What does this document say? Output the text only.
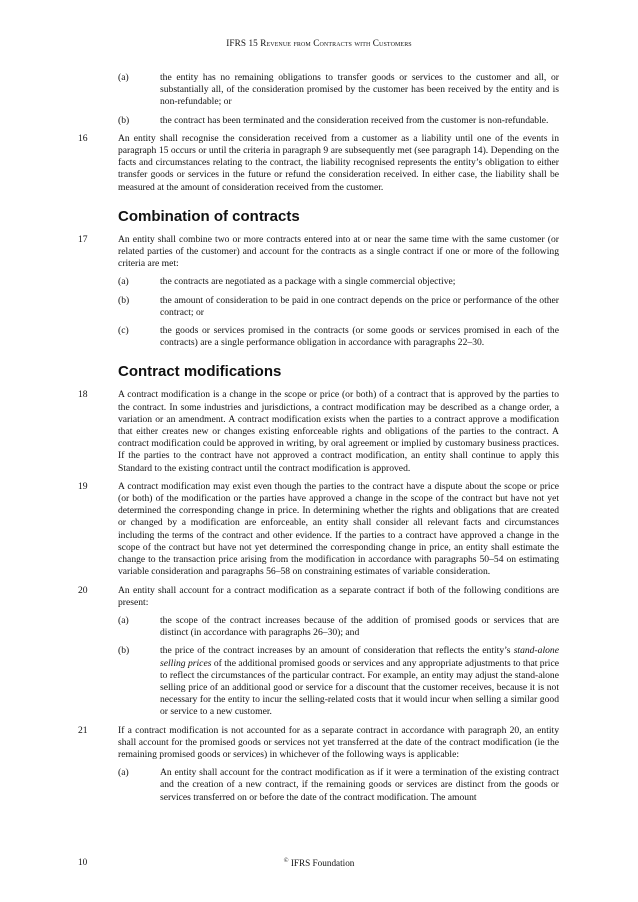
IFRS 15 Revenue from Contracts with Customers
(a)	the entity has no remaining obligations to transfer goods or services to the customer and all, or substantially all, of the consideration promised by the customer has been received by the entity and is non-refundable; or
(b)	the contract has been terminated and the consideration received from the customer is non-refundable.
16	An entity shall recognise the consideration received from a customer as a liability until one of the events in paragraph 15 occurs or until the criteria in paragraph 9 are subsequently met (see paragraph 14). Depending on the facts and circumstances relating to the contract, the liability recognised represents the entity’s obligation to either transfer goods or services in the future or refund the consideration received. In either case, the liability shall be measured at the amount of consideration received from the customer.
Combination of contracts
17	An entity shall combine two or more contracts entered into at or near the same time with the same customer (or related parties of the customer) and account for the contracts as a single contract if one or more of the following criteria are met:
(a)	the contracts are negotiated as a package with a single commercial objective;
(b)	the amount of consideration to be paid in one contract depends on the price or performance of the other contract; or
(c)	the goods or services promised in the contracts (or some goods or services promised in each of the contracts) are a single performance obligation in accordance with paragraphs 22–30.
Contract modifications
18	A contract modification is a change in the scope or price (or both) of a contract that is approved by the parties to the contract. In some industries and jurisdictions, a contract modification may be described as a change order, a variation or an amendment. A contract modification exists when the parties to a contract approve a modification that either creates new or changes existing enforceable rights and obligations of the parties to the contract. A contract modification could be approved in writing, by oral agreement or implied by customary business practices. If the parties to the contract have not approved a contract modification, an entity shall continue to apply this Standard to the existing contract until the contract modification is approved.
19	A contract modification may exist even though the parties to the contract have a dispute about the scope or price (or both) of the modification or the parties have approved a change in the scope of the contract but have not yet determined the corresponding change in price. In determining whether the rights and obligations that are created or changed by a modification are enforceable, an entity shall consider all relevant facts and circumstances including the terms of the contract and other evidence. If the parties to a contract have approved a change in the scope of the contract but have not yet determined the corresponding change in price, an entity shall estimate the change to the transaction price arising from the modification in accordance with paragraphs 50–54 on estimating variable consideration and paragraphs 56–58 on constraining estimates of variable consideration.
20	An entity shall account for a contract modification as a separate contract if both of the following conditions are present:
(a)	the scope of the contract increases because of the addition of promised goods or services that are distinct (in accordance with paragraphs 26–30); and
(b)	the price of the contract increases by an amount of consideration that reflects the entity’s stand-alone selling prices of the additional promised goods or services and any appropriate adjustments to that price to reflect the circumstances of the particular contract. For example, an entity may adjust the stand-alone selling price of an additional good or service for a discount that the customer receives, because it is not necessary for the entity to incur the selling-related costs that it would incur when selling a similar good or service to a new customer.
21	If a contract modification is not accounted for as a separate contract in accordance with paragraph 20, an entity shall account for the promised goods or services not yet transferred at the date of the contract modification (ie the remaining promised goods or services) in whichever of the following ways is applicable:
(a)	An entity shall account for the contract modification as if it were a termination of the existing contract and the creation of a new contract, if the remaining goods or services are distinct from the goods or services transferred on or before the date of the contract modification. The amount
10	© IFRS Foundation
